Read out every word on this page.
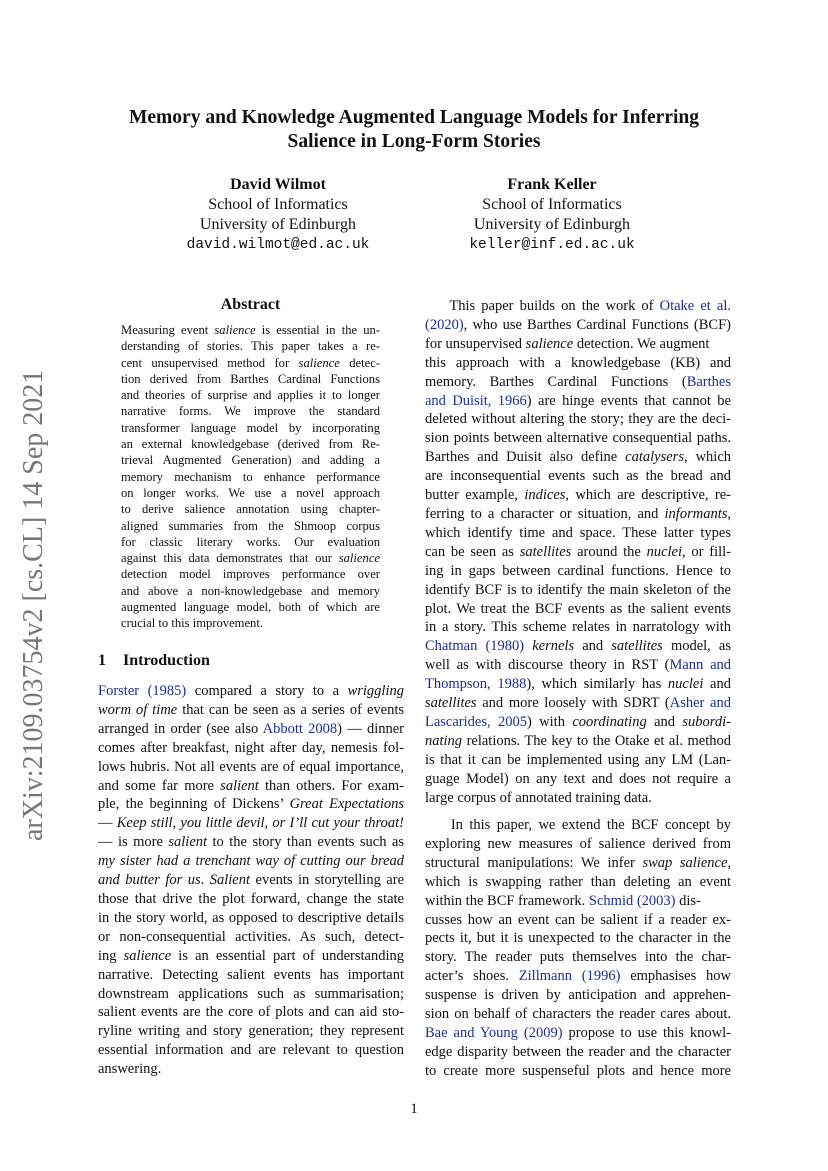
Memory and Knowledge Augmented Language Models for Inferring
Salience in Long-Form Stories
David Wilmot
School of Informatics
University of Edinburgh
david.wilmot@ed.ac.uk
Frank Keller
School of Informatics
University of Edinburgh
keller@inf.ed.ac.uk
arXiv:2109.03754v2 [cs.CL] 14 Sep 2021
Abstract
Measuring event salience is essential in the un-
derstanding of stories. This paper takes a re-
cent unsupervised method for salience detec-
tion derived from Barthes Cardinal Functions
and theories of surprise and applies it to longer
narrative forms. We improve the standard
transformer language model by incorporating
an external knowledgebase (derived from Re-
trieval Augmented Generation) and adding a
memory mechanism to enhance performance
on longer works. We use a novel approach
to derive salience annotation using chapter-
aligned summaries from the Shmoop corpus
for classic literary works. Our evaluation
against this data demonstrates that our salience
detection model improves performance over
and above a non-knowledgebase and memory
augmented language model, both of which are
crucial to this improvement.
1 Introduction
Forster (1985) compared a story to a wriggling
worm of time that can be seen as a series of events
arranged in order (see also Abbott 2008) — dinner
comes after breakfast, night after day, nemesis fol-
lows hubris. Not all events are of equal importance,
and some far more salient than others. For exam-
ple, the beginning of Dickens’ Great Expectations
— Keep still, you little devil, or I’ll cut your throat!
— is more salient to the story than events such as
my sister had a trenchant way of cutting our bread
and butter for us. Salient events in storytelling are
those that drive the plot forward, change the state
in the story world, as opposed to descriptive details
or non-consequential activities. As such, detect-
ing salience is an essential part of understanding
narrative. Detecting salient events has important
downstream applications such as summarisation;
salient events are the core of plots and can aid sto-
ryline writing and story generation; they represent
essential information and are relevant to question
answering.
This paper builds on the work of Otake et al.
(2020), who use Barthes Cardinal Functions (BCF)
for unsupervised salience detection. We augment
this approach with a knowledgebase (KB) and
memory. Barthes Cardinal Functions (Barthes
and Duisit, 1966) are hinge events that cannot be
deleted without altering the story; they are the deci-
sion points between alternative consequential paths.
Barthes and Duisit also define catalysers, which
are inconsequential events such as the bread and
butter example, indices, which are descriptive, re-
ferring to a character or situation, and informants,
which identify time and space. These latter types
can be seen as satellites around the nuclei, or fill-
ing in gaps between cardinal functions. Hence to
identify BCF is to identify the main skeleton of the
plot. We treat the BCF events as the salient events
in a story. This scheme relates in narratology with
Chatman (1980) kernels and satellites model, as
well as with discourse theory in RST (Mann and
Thompson, 1988), which similarly has nuclei and
satellites and more loosely with SDRT (Asher and
Lascarides, 2005) with coordinating and subordi-
nating relations. The key to the Otake et al. method
is that it can be implemented using any LM (Lan-
guage Model) on any text and does not require a
large corpus of annotated training data.
In this paper, we extend the BCF concept by
exploring new measures of salience derived from
structural manipulations: We infer swap salience,
which is swapping rather than deleting an event
within the BCF framework. Schmid (2003) dis-
cusses how an event can be salient if a reader ex-
pects it, but it is unexpected to the character in the
story. The reader puts themselves into the char-
acter’s shoes. Zillmann (1996) emphasises how
suspense is driven by anticipation and apprehen-
sion on behalf of characters the reader cares about.
Bae and Young (2009) propose to use this knowl-
edge disparity between the reader and the character
to create more suspenseful plots and hence more
1
